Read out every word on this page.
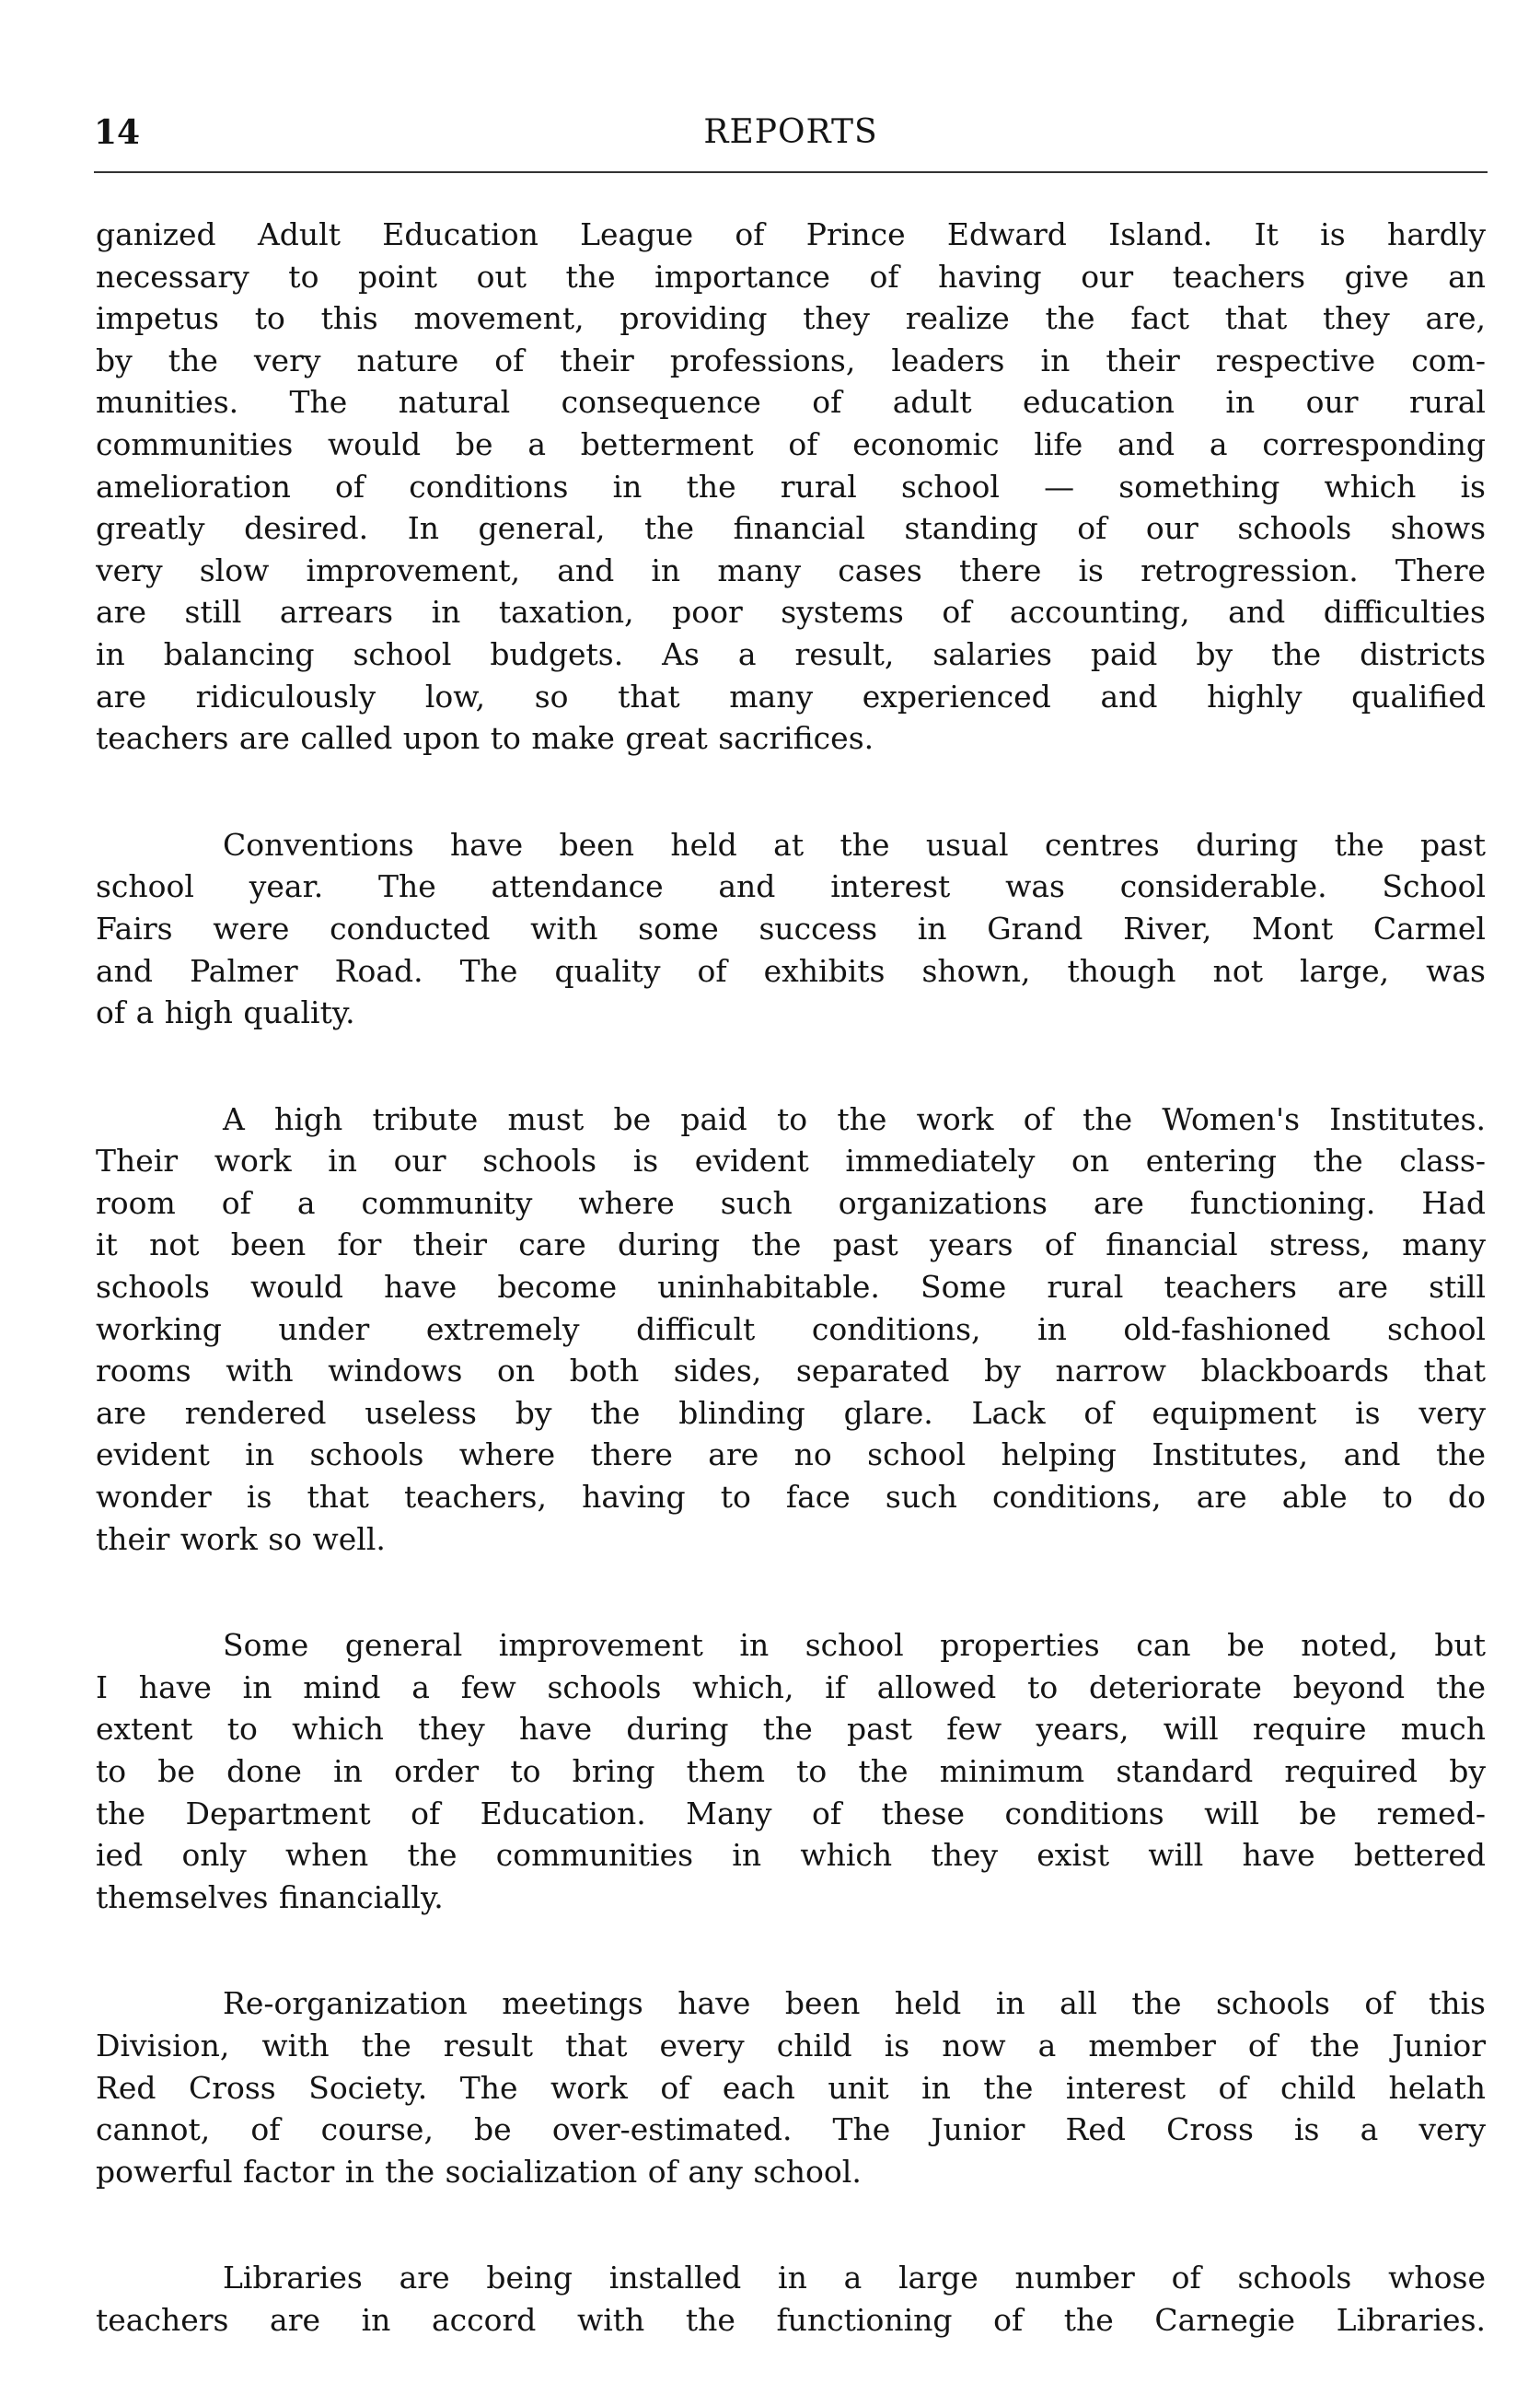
14	REPORTS

ganized Adult Education League of Prince Edward Island. It is hardly
necessary to point out the importance of having our teachers give an
impetus to this movement, providing they realize the fact that they are,
by the very nature of their professions, leaders in their respective com-
munities. The natural consequence of adult education in our rural
communities would be a betterment of economic life and a corresponding
amelioration of conditions in the rural school — something which is
greatly desired. In general, the financial standing of our schools shows
very slow improvement, and in many cases there is retrogression. There
are still arrears in taxation, poor systems of accounting, and difficulties
in balancing school budgets. As a result, salaries paid by the districts
are ridiculously low, so that many experienced and highly qualified
teachers are called upon to make great sacrifices.

Conventions have been held at the usual centres during the past
school year. The attendance and interest was considerable. School
Fairs were conducted with some success in Grand River, Mont Carmel
and Palmer Road. The quality of exhibits shown, though not large, was
of a high quality.

A high tribute must be paid to the work of the Women's Institutes.
Their work in our schools is evident immediately on entering the class-
room of a community where such organizations are functioning. Had
it not been for their care during the past years of financial stress, many
schools would have become uninhabitable. Some rural teachers are still
working under extremely difficult conditions, in old-fashioned school
rooms with windows on both sides, separated by narrow blackboards that
are rendered useless by the blinding glare. Lack of equipment is very
evident in schools where there are no school helping Institutes, and the
wonder is that teachers, having to face such conditions, are able to do
their work so well.

Some general improvement in school properties can be noted, but
I have in mind a few schools which, if allowed to deteriorate beyond the
extent to which they have during the past few years, will require much
to be done in order to bring them to the minimum standard required by
the Department of Education. Many of these conditions will be remed-
ied only when the communities in which they exist will have bettered
themselves financially.

Re-organization meetings have been held in all the schools of this
Division, with the result that every child is now a member of the Junior
Red Cross Society. The work of each unit in the interest of child helath
cannot, of course, be over-estimated. The Junior Red Cross is a very
powerful factor in the socialization of any school.

Libraries are being installed in a large number of schools whose
teachers are in accord with the functioning of the Carnegie Libraries.
